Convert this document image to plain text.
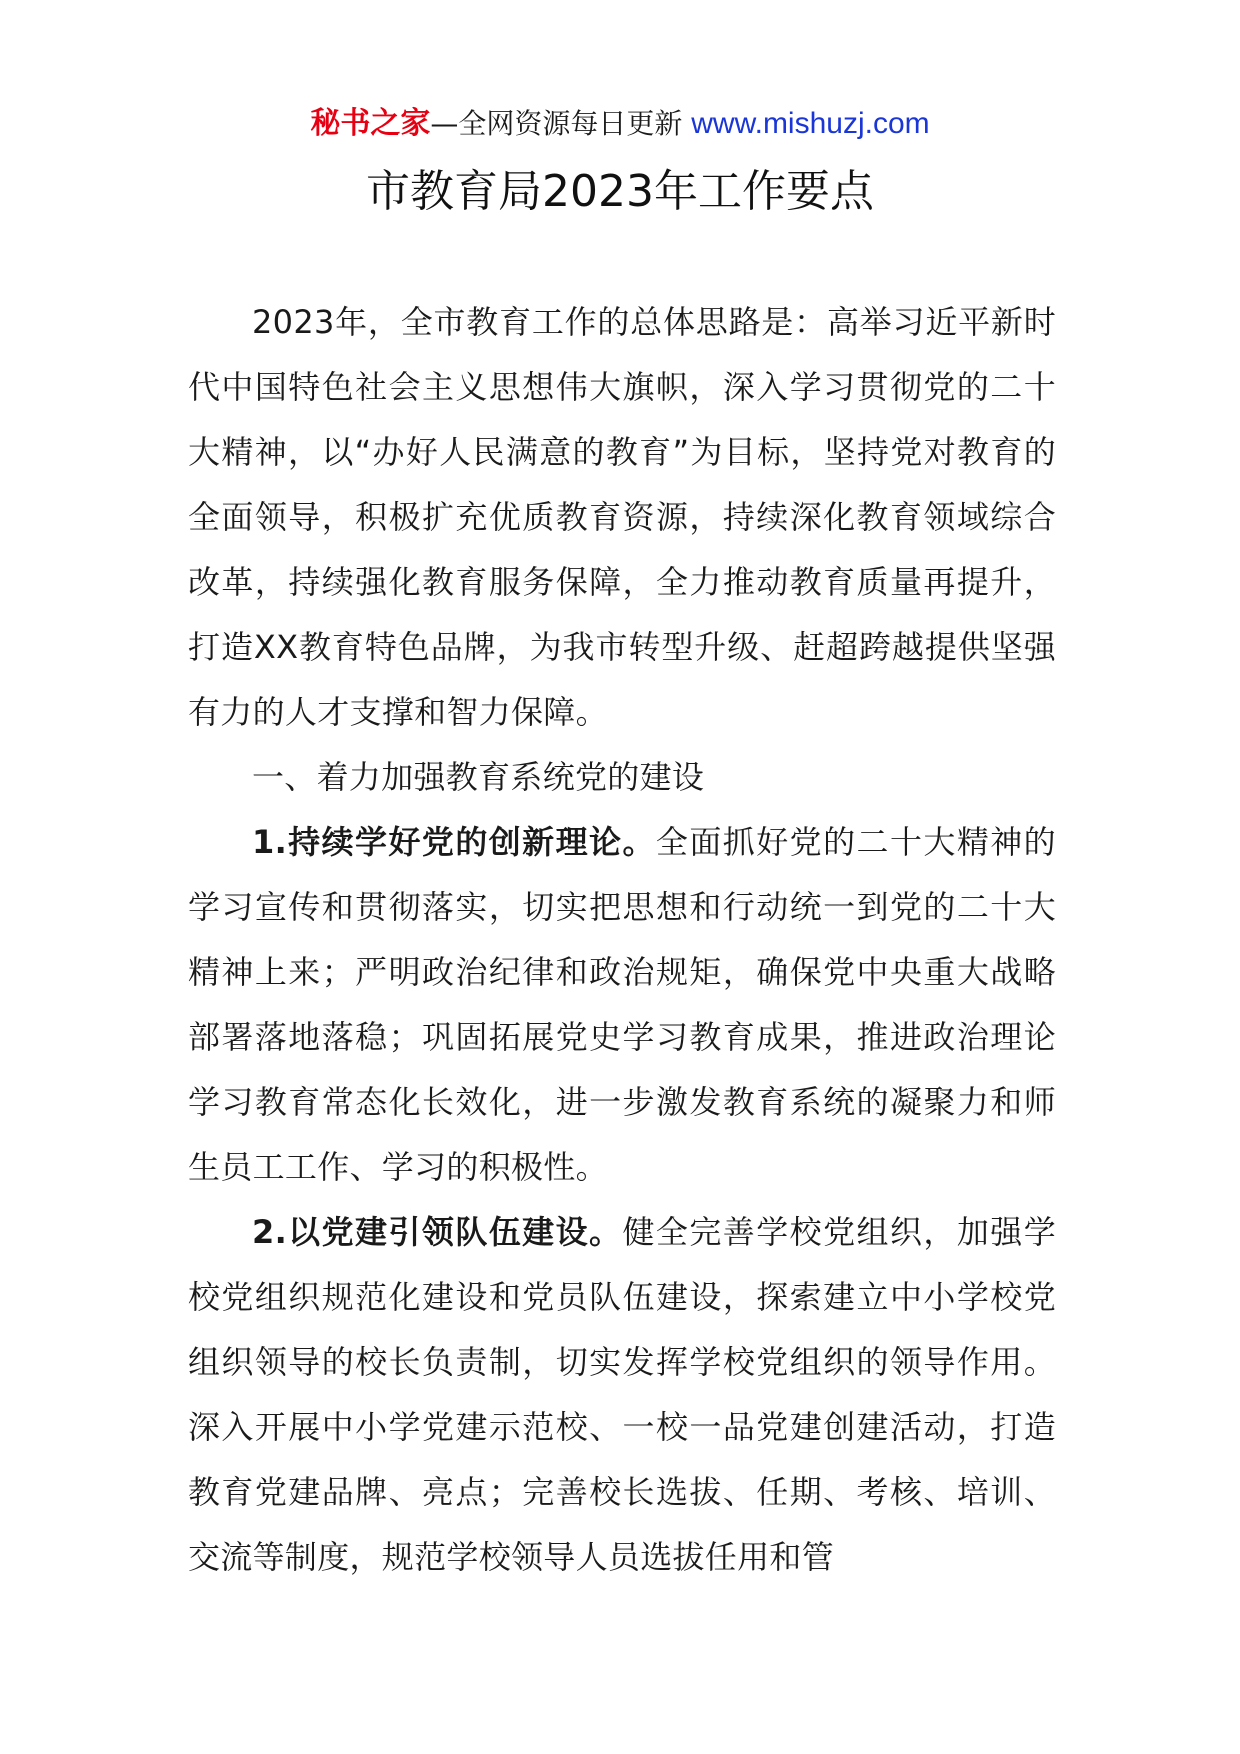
秘书之家—全网资源每日更新 www.mishuzj.com
市教育局2023年工作要点

2023年，全市教育工作的总体思路是：高举习近平新时代中国特色社会主义思想伟大旗帜，深入学习贯彻党的二十大精神，以“办好人民满意的教育”为目标，坚持党对教育的全面领导，积极扩充优质教育资源，持续深化教育领域综合改革，持续强化教育服务保障，全力推动教育质量再提升，打造XX教育特色品牌，为我市转型升级、赶超跨越提供坚强有力的人才支撑和智力保障。

一、着力加强教育系统党的建设

1.持续学好党的创新理论。全面抓好党的二十大精神的学习宣传和贯彻落实，切实把思想和行动统一到党的二十大精神上来；严明政治纪律和政治规矩，确保党中央重大战略部署落地落稳；巩固拓展党史学习教育成果，推进政治理论学习教育常态化长效化，进一步激发教育系统的凝聚力和师生员工工作、学习的积极性。

2.以党建引领队伍建设。健全完善学校党组织，加强学校党组织规范化建设和党员队伍建设，探索建立中小学校党组织领导的校长负责制，切实发挥学校党组织的领导作用。深入开展中小学党建示范校、一校一品党建创建活动，打造教育党建品牌、亮点；完善校长选拔、任期、考核、培训、交流等制度，规范学校领导人员选拔任用和管
